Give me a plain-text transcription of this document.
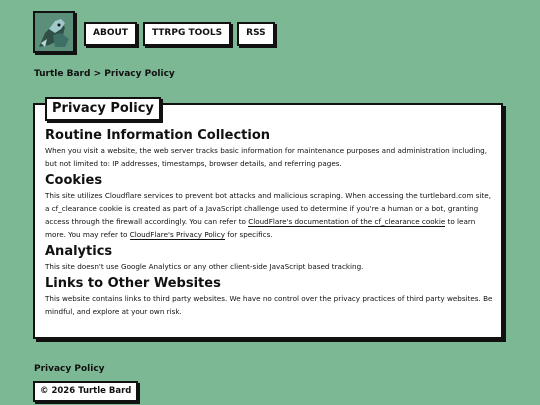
ABOUT	TTRPG TOOLS	RSS
Turtle Bard > Privacy Policy
Privacy Policy
Routine Information Collection

When you visit a website, the web server tracks basic information for maintenance purposes and administration including, but not limited to: IP addresses, timestamps, browser details, and referring pages.

Cookies

This site utilizes Cloudflare services to prevent bot attacks and malicious scraping. When accessing the turtlebard.com site, a cf_clearance cookie is created as part of a JavaScript challenge used to determine if you're a human or a bot, granting access through the firewall accordingly. You can refer to CloudFlare's documentation of the cf_clearance cookie to learn more. You may refer to CloudFlare's Privacy Policy for specifics.

Analytics

This site doesn't use Google Analytics or any other client-side JavaScript based tracking.

Links to Other Websites

This website contains links to third party websites. We have no control over the privacy practices of third party websites. Be mindful, and explore at your own risk.

Privacy Policy
© 2026 Turtle Bard
